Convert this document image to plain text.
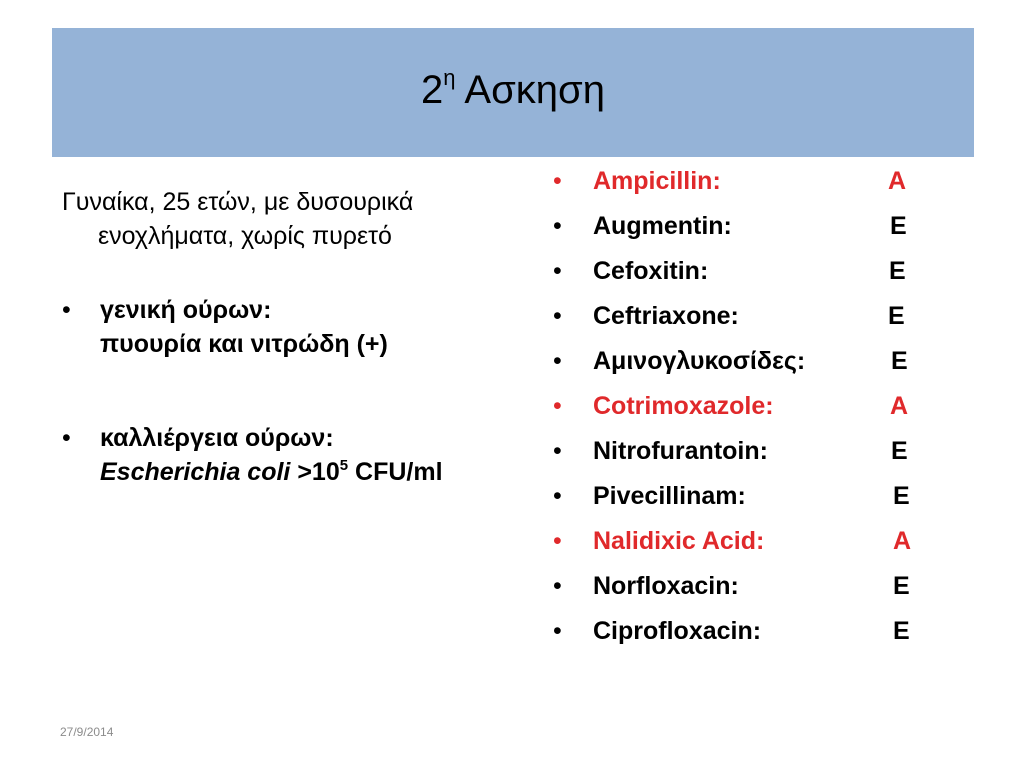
$2^\eta$ Ασκηση

Γυναίκα, 25 ετών, με δυσουρικά ενοχλήματα, χωρίς πυρετό

• γενική ούρων:
πυουρία και νιτρώδη (+)
• καλλιέργεια ούρων:
Escherichia coli $>10^5$ CFU/ml
• Ampicillin:	A
• Augmentin:	E
• Cefoxitin:	E
• Ceftriaxone:	E
• Αμινογλυκοσίδες:	E
• Cotrimoxazole:	A
• Nitrofurantoin:	E
• Pivecillinam:	E
• Nalidixic Acid:	A
• Norfloxacin:	E
• Ciprofloxacin:	E
27/9/2014
